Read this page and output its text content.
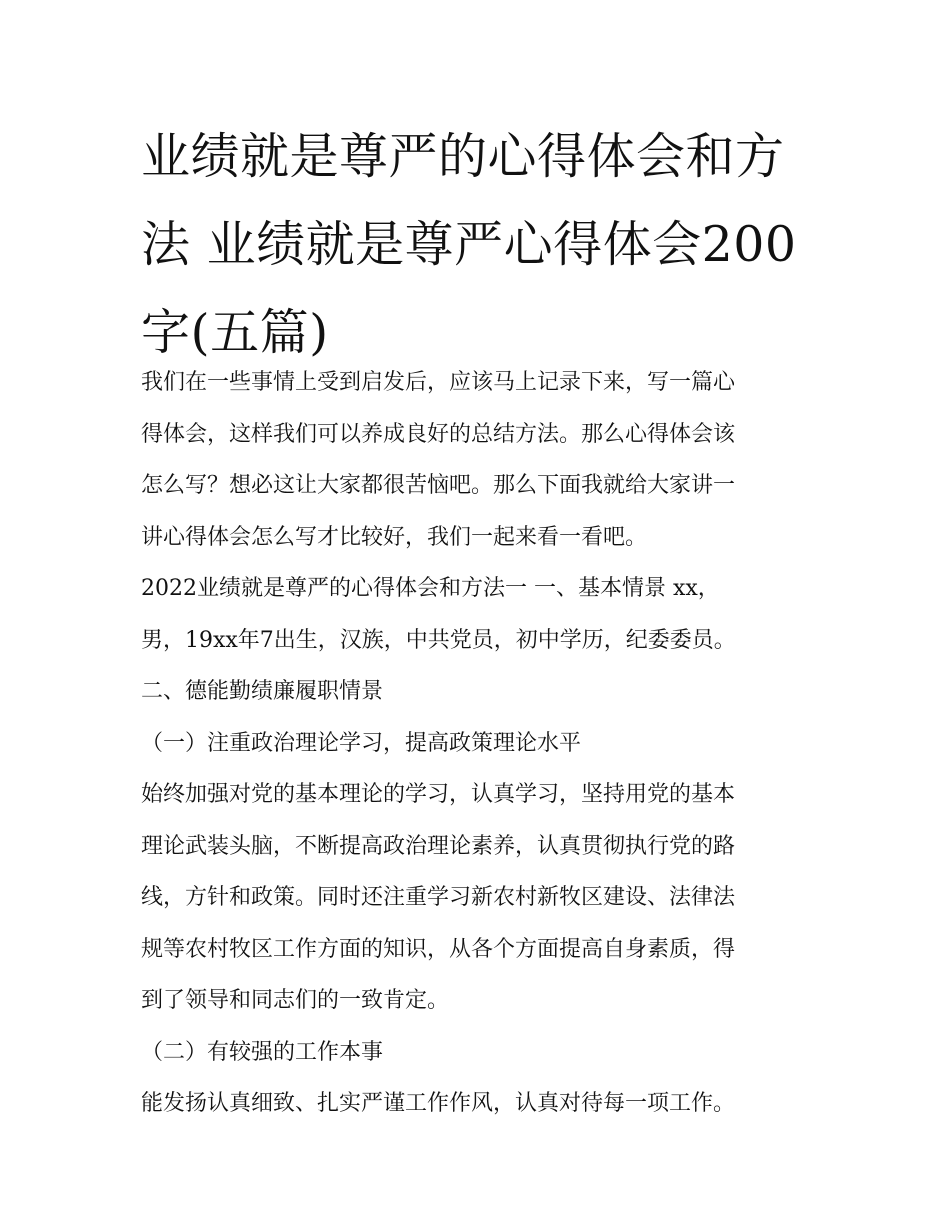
业绩就是尊严的心得体会和方
法 业绩就是尊严心得体会200
字(五篇)
我们在一些事情上受到启发后，应该马上记录下来，写一篇心
得体会，这样我们可以养成良好的总结方法。那么心得体会该
怎么写？想必这让大家都很苦恼吧。那么下面我就给大家讲一
讲心得体会怎么写才比较好，我们一起来看一看吧。
2022业绩就是尊严的心得体会和方法一 一、基本情景 xx，
男，19xx年7出生，汉族，中共党员，初中学历，纪委委员。
二、德能勤绩廉履职情景
（一）注重政治理论学习，提高政策理论水平
始终加强对党的基本理论的学习，认真学习，坚持用党的基本
理论武装头脑，不断提高政治理论素养，认真贯彻执行党的路
线，方针和政策。同时还注重学习新农村新牧区建设、法律法
规等农村牧区工作方面的知识，从各个方面提高自身素质，得
到了领导和同志们的一致肯定。
（二）有较强的工作本事
能发扬认真细致、扎实严谨工作作风，认真对待每一项工作。
